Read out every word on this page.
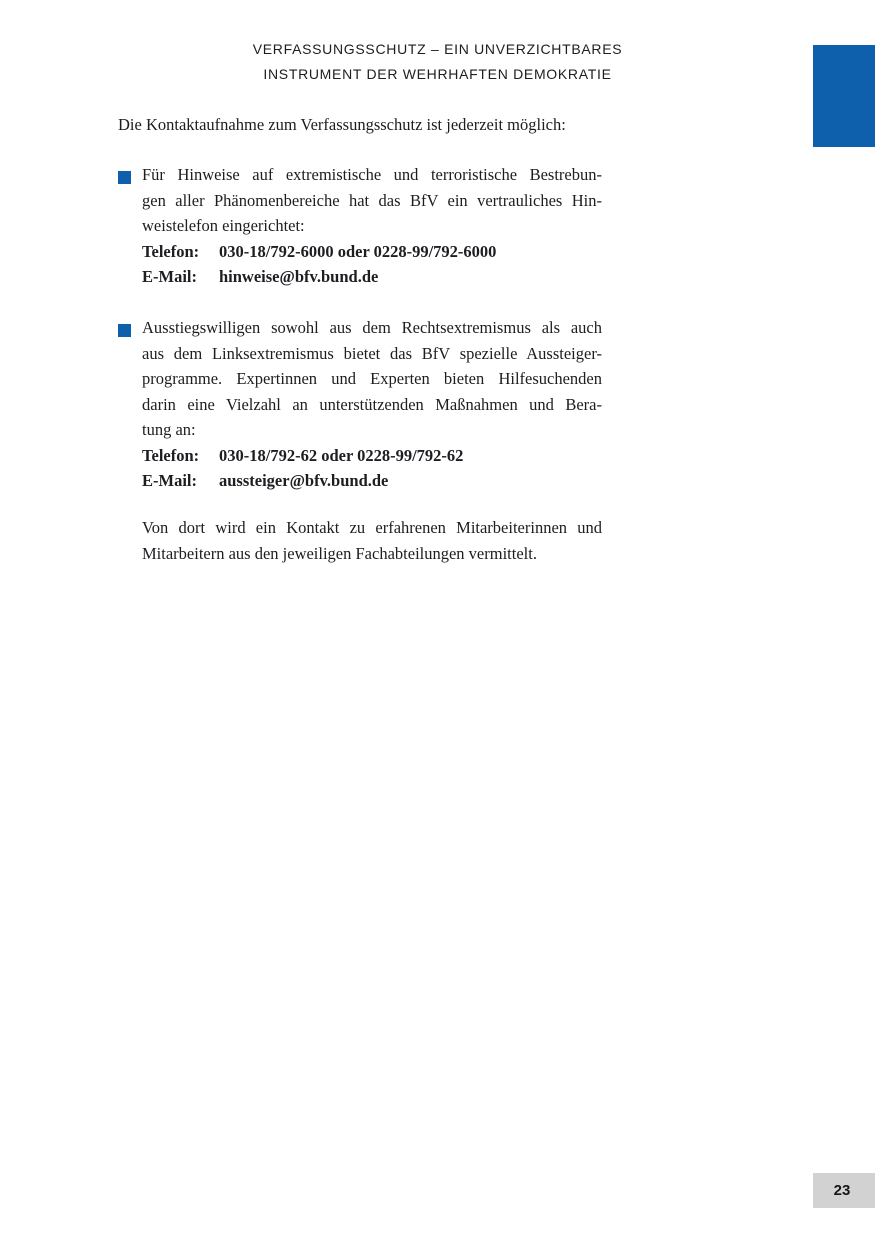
VERFASSUNGSSCHUTZ – EIN UNVERZICHTBARES
INSTRUMENT DER WEHRHAFTEN DEMOKRATIE
Die Kontaktaufnahme zum Verfassungsschutz ist jederzeit möglich:
Für Hinweise auf extremistische und terroristische Bestrebun-
gen aller Phänomenbereiche hat das BfV ein vertrauliches Hin-
weistelefon eingerichtet:
Telefon: 030-18/792-6000 oder 0228-99/792-6000
E-Mail: hinweise@bfv.bund.de
Ausstiegswilligen sowohl aus dem Rechtsextremismus als auch
aus dem Linksextremismus bietet das BfV spezielle Aussteiger-
programme. Expertinnen und Experten bieten Hilfesuchenden
darin eine Vielzahl an unterstützenden Maßnahmen und Bera-
tung an:
Telefon: 030-18/792-62 oder 0228-99/792-62
E-Mail: aussteiger@bfv.bund.de
Von dort wird ein Kontakt zu erfahrenen Mitarbeiterinnen und
Mitarbeitern aus den jeweiligen Fachabteilungen vermittelt.
23
